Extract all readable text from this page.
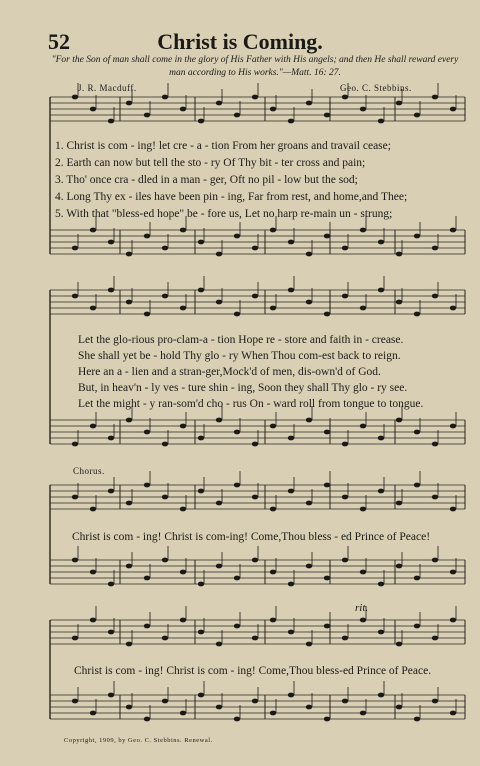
52	Christ is Coming.
"For the Son of man shall come in the glory of His Father with His angels; and then He shall reward every man according to His works."—Matt. 16: 27.
J. R. Macduff.	Geo. C. Stebbins.
1. Christ is com - ing! let cre - a - tion From her groans and travail cease;
2. Earth can now but tell the sto - ry Of Thy bit - ter cross and pain;
3. Tho' once cra - dled in a man - ger, Oft no pil - low but the sod;
4. Long Thy ex - iles have been pin - ing, Far from rest, and home,and Thee;
5. With that "bless-ed hope" be - fore us, Let no harp re-main un - strung;
Let the glo-rious pro-clam-a - tion Hope re - store and faith in - crease.
She shall yet be - hold Thy glo - ry When Thou com-est back to reign.
Here an a - lien and a stran-ger,Mock'd of men, dis-own'd of God.
But, in heav'n - ly ves - ture shin - ing, Soon they shall Thy glo - ry see.
Let the might - y ran-som'd cho - rus On - ward roll from tongue to tongue.
Chorus.
Christ is com - ing! Christ is com-ing! Come,Thou bless - ed Prince of Peace!
rit.
Christ is com - ing! Christ is com - ing! Come,Thou bless-ed Prince of Peace.
Copyright, 1909, by Geo. C. Stebbins. Renewal.
